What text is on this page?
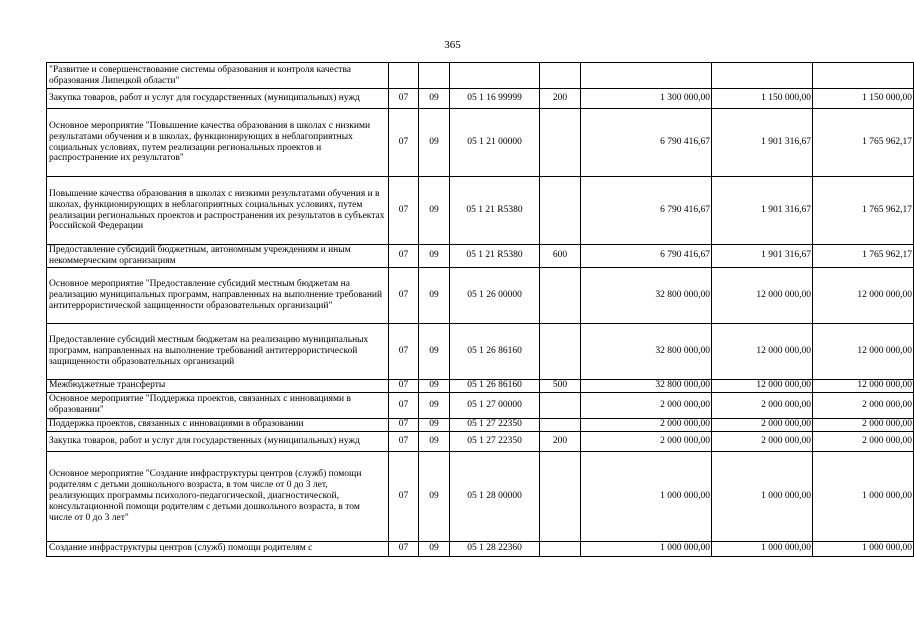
365
"Развитие и совершенствование системы образования и контроля качества образования Липецкой области"							
Закупка товаров, работ и услуг для государственных (муниципальных) нужд	07	09	05 1 16 99999	200	1 300 000,00	1 150 000,00	1 150 000,00
Основное мероприятие "Повышение качества образования в школах с низкими результатами обучения и в школах, функционирующих в неблагоприятных социальных условиях, путем реализации региональных проектов и распространение их результатов"	07	09	05 1 21 00000		6 790 416,67	1 901 316,67	1 765 962,17
Повышение качества образования в школах с низкими результатами обучения и в школах, функционирующих в неблагоприятных социальных условиях, путем реализации региональных проектов и распространения их результатов в субъектах Российской Федерации	07	09	05 1 21 R5380		6 790 416,67	1 901 316,67	1 765 962,17
Предоставление субсидий бюджетным, автономным учреждениям и иным некоммерческим организациям	07	09	05 1 21 R5380	600	6 790 416,67	1 901 316,67	1 765 962,17
Основное мероприятие "Предоставление субсидий местным бюджетам на реализацию муниципальных программ, направленных на выполнение требований антитеррористической защищенности образовательных организаций"	07	09	05 1 26 00000		32 800 000,00	12 000 000,00	12 000 000,00
Предоставление субсидий местным бюджетам на реализацию муниципальных программ, направленных на выполнение требований антитеррористической защищенности образовательных организаций	07	09	05 1 26 86160		32 800 000,00	12 000 000,00	12 000 000,00
Межбюджетные трансферты	07	09	05 1 26 86160	500	32 800 000,00	12 000 000,00	12 000 000,00
Основное мероприятие "Поддержка проектов, связанных с инновациями в образовании"	07	09	05 1 27 00000		2 000 000,00	2 000 000,00	2 000 000,00
Поддержка проектов, связанных с инновациями в образовании	07	09	05 1 27 22350		2 000 000,00	2 000 000,00	2 000 000,00
Закупка товаров, работ и услуг для государственных (муниципальных) нужд	07	09	05 1 27 22350	200	2 000 000,00	2 000 000,00	2 000 000,00
Основное мероприятие "Создание инфраструктуры центров (служб) помощи родителям с детьми дошкольного возраста, в том числе от 0 до 3 лет, реализующих программы психолого-педагогической, диагностической, консультационной помощи родителям с детьми дошкольного возраста, в том числе от 0 до 3 лет"	07	09	05 1 28 00000		1 000 000,00	1 000 000,00	1 000 000,00
Создание инфраструктуры центров (служб) помощи родителям с	07	09	05 1 28 22360		1 000 000,00	1 000 000,00	1 000 000,00
